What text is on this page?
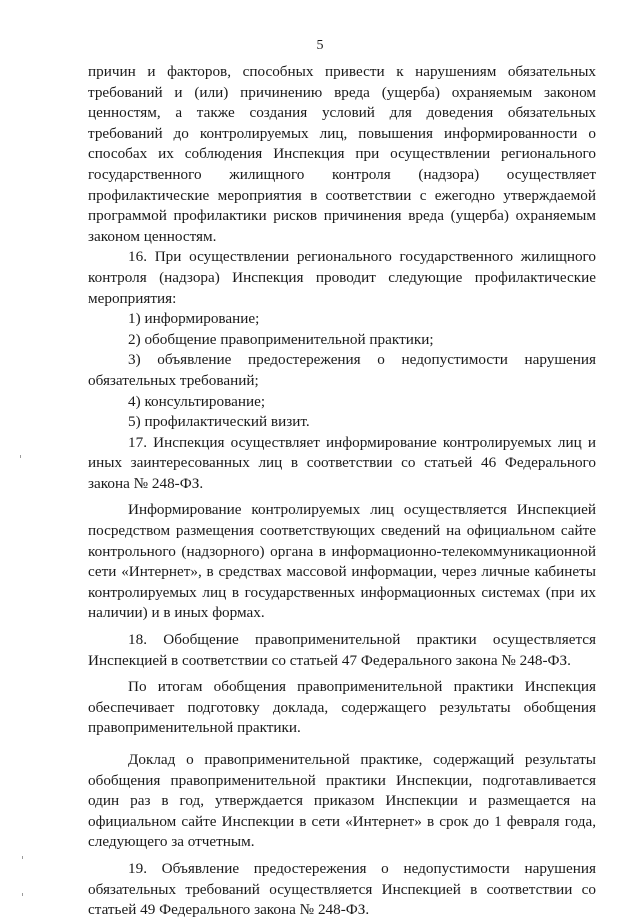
5

причин и факторов, способных привести к нарушениям обязательных требований и (или) причинению вреда (ущерба) охраняемым законом ценностям, а также создания условий для доведения обязательных требований до контролируемых лиц, повышения информированности о способах их соблюдения Инспекция при осуществлении регионального государственного жилищного контроля (надзора) осуществляет профилактические мероприятия в соответствии с ежегодно утверждаемой программой профилактики рисков причинения вреда (ущерба) охраняемым законом ценностям.

16. При осуществлении регионального государственного жилищного контроля (надзора) Инспекция проводит следующие профилактические мероприятия:

1) информирование;

2) обобщение правоприменительной практики;

3) объявление предостережения о недопустимости нарушения обязательных требований;

4) консультирование;

5) профилактический визит.

17. Инспекция осуществляет информирование контролируемых лиц и иных заинтересованных лиц в соответствии со статьей 46 Федерального закона № 248-ФЗ.

Информирование контролируемых лиц осуществляется Инспекцией посредством размещения соответствующих сведений на официальном сайте контрольного (надзорного) органа в информационно-телекоммуникационной сети «Интернет», в средствах массовой информации, через личные кабинеты контролируемых лиц в государственных информационных системах (при их наличии) и в иных формах.

18. Обобщение правоприменительной практики осуществляется Инспекцией в соответствии со статьей 47 Федерального закона № 248-ФЗ.

По итогам обобщения правоприменительной практики Инспекция обеспечивает подготовку доклада, содержащего результаты обобщения правоприменительной практики.

Доклад о правоприменительной практике, содержащий результаты обобщения правоприменительной практики Инспекции, подготавливается один раз в год, утверждается приказом Инспекции и размещается на официальном сайте Инспекции в сети «Интернет» в срок до 1 февраля года, следующего за отчетным.

19. Объявление предостережения о недопустимости нарушения обязательных требований осуществляется Инспекцией в соответствии со статьей 49 Федерального закона № 248-ФЗ.
